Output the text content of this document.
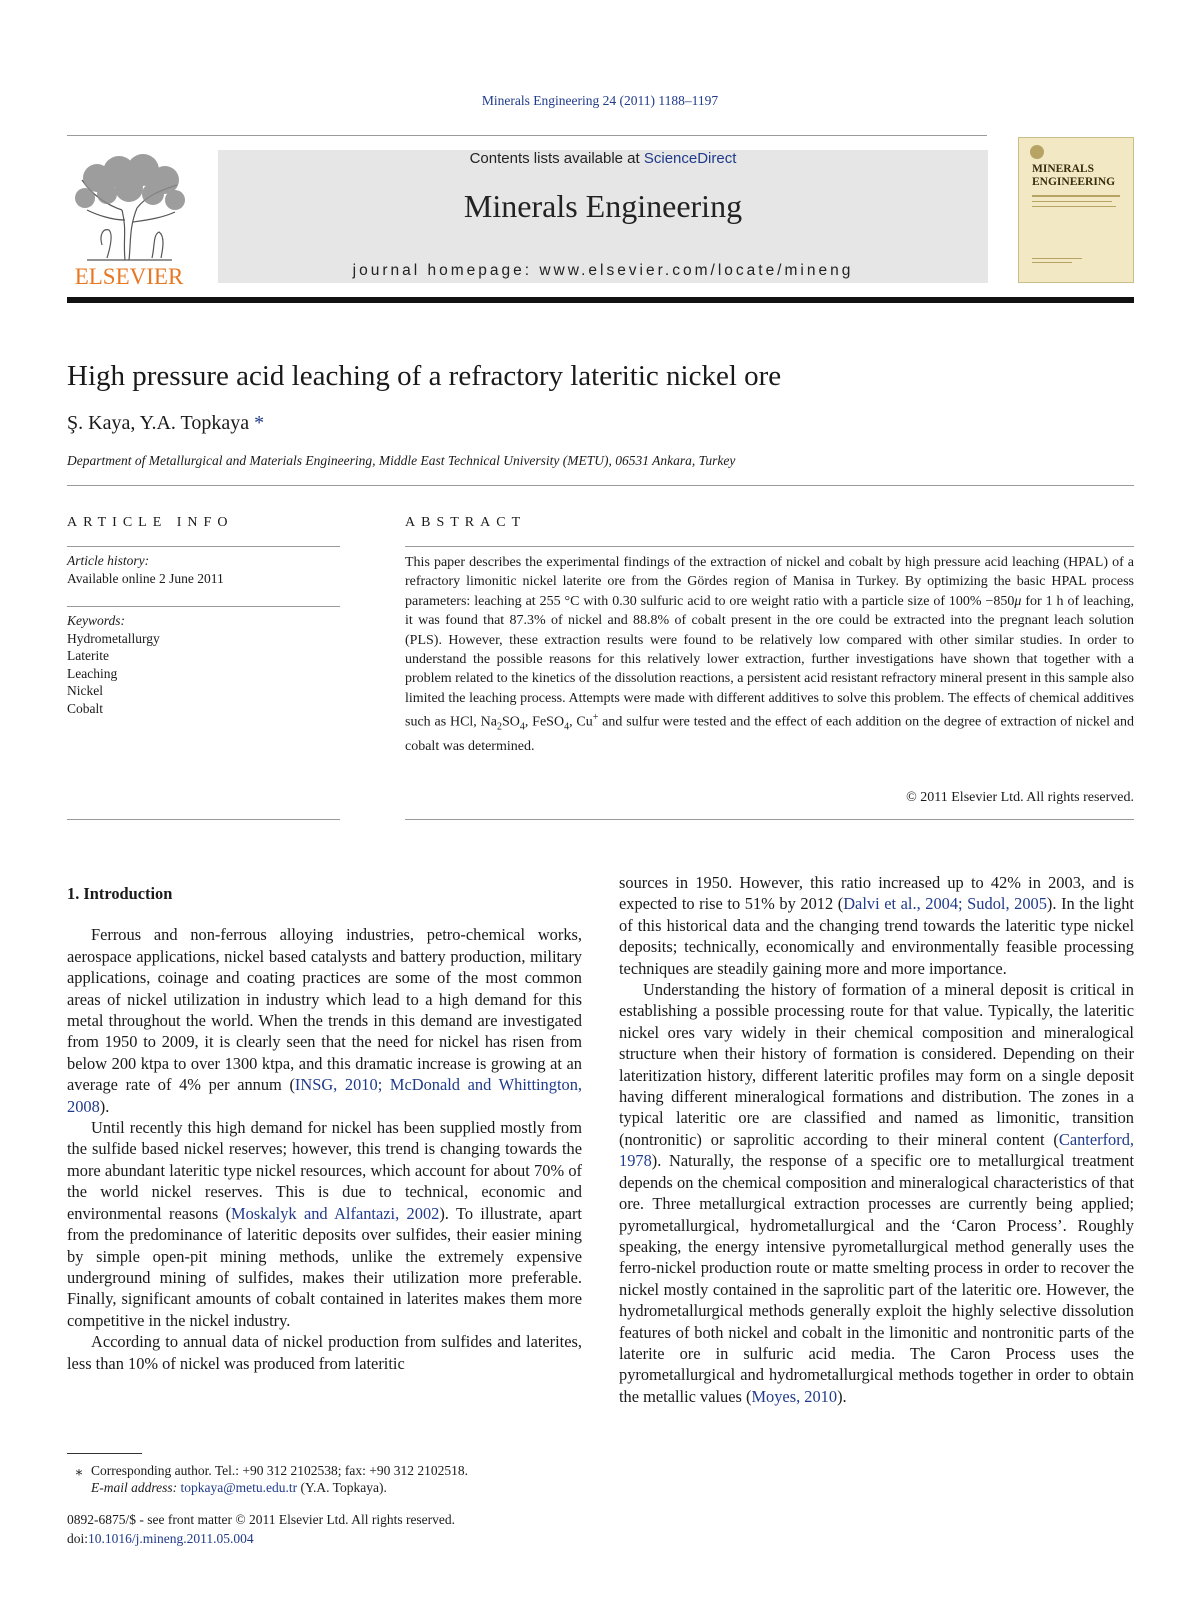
Minerals Engineering 24 (2011) 1188–1197
ELSEVIER
Contents lists available at ScienceDirect
Minerals Engineering
journal homepage: www.elsevier.com/locate/mineng
MINERALS
ENGINEERING
High pressure acid leaching of a refractory lateritic nickel ore
Ş. Kaya, Y.A. Topkaya *
Department of Metallurgical and Materials Engineering, Middle East Technical University (METU), 06531 Ankara, Turkey
ARTICLE INFO
Article history:
Available online 2 June 2011
Keywords:
Hydrometallurgy
Laterite
Leaching
Nickel
Cobalt
ABSTRACT
This paper describes the experimental findings of the extraction of nickel and cobalt by high pressure acid leaching (HPAL) of a refractory limonitic nickel laterite ore from the Gördes region of Manisa in Turkey. By optimizing the basic HPAL process parameters: leaching at 255 °C with 0.30 sulfuric acid to ore weight ratio with a particle size of 100% −850μ for 1 h of leaching, it was found that 87.3% of nickel and 88.8% of cobalt present in the ore could be extracted into the pregnant leach solution (PLS). However, these extraction results were found to be relatively low compared with other similar studies. In order to understand the possible reasons for this relatively lower extraction, further investigations have shown that together with a problem related to the kinetics of the dissolution reactions, a persistent acid resistant refractory mineral present in this sample also limited the leaching process. Attempts were made with different additives to solve this problem. The effects of chemical additives such as HCl, $Na_2SO_4$, FeSO$_4$, Cu+ and sulfur were tested and the effect of each addition on the degree of extraction of nickel and cobalt was determined.
© 2011 Elsevier Ltd. All rights reserved.
1. Introduction

Ferrous and non-ferrous alloying industries, petro-chemical works, aerospace applications, nickel based catalysts and battery production, military applications, coinage and coating practices are some of the most common areas of nickel utilization in industry which lead to a high demand for this metal throughout the world. When the trends in this demand are investigated from 1950 to 2009, it is clearly seen that the need for nickel has risen from below 200 ktpa to over 1300 ktpa, and this dramatic increase is growing at an average rate of 4% per annum (INSG, 2010; McDonald and Whittington, 2008).

Until recently this high demand for nickel has been supplied mostly from the sulfide based nickel reserves; however, this trend is changing towards the more abundant lateritic type nickel resources, which account for about 70% of the world nickel reserves. This is due to technical, economic and environmental reasons (Moskalyk and Alfantazi, 2002). To illustrate, apart from the predominance of lateritic deposits over sulfides, their easier mining by simple open-pit mining methods, unlike the extremely expensive underground mining of sulfides, makes their utilization more preferable. Finally, significant amounts of cobalt contained in laterites makes them more competitive in the nickel industry.

According to annual data of nickel production from sulfides and laterites, less than 10% of nickel was produced from lateritic

sources in 1950. However, this ratio increased up to 42% in 2003, and is expected to rise to 51% by 2012 (Dalvi et al., 2004; Sudol, 2005). In the light of this historical data and the changing trend towards the lateritic type nickel deposits; technically, economically and environmentally feasible processing techniques are steadily gaining more and more importance.

Understanding the history of formation of a mineral deposit is critical in establishing a possible processing route for that value. Typically, the lateritic nickel ores vary widely in their chemical composition and mineralogical structure when their history of formation is considered. Depending on their lateritization history, different lateritic profiles may form on a single deposit having different mineralogical formations and distribution. The zones in a typical lateritic ore are classified and named as limonitic, transition (nontronitic) or saprolitic according to their mineral content (Canterford, 1978). Naturally, the response of a specific ore to metallurgical treatment depends on the chemical composition and mineralogical characteristics of that ore. Three metallurgical extraction processes are currently being applied; pyrometallurgical, hydrometallurgical and the ‘Caron Process’. Roughly speaking, the energy intensive pyrometallurgical method generally uses the ferro-nickel production route or matte smelting process in order to recover the nickel mostly contained in the saprolitic part of the lateritic ore. However, the hydrometallurgical methods generally exploit the highly selective dissolution features of both nickel and cobalt in the limonitic and nontronitic parts of the laterite ore in sulfuric acid media. The Caron Process uses the pyrometallurgical and hydrometallurgical methods together in order to obtain the metallic values (Moyes, 2010).

⁎ Corresponding author. Tel.: +90 312 2102538; fax: +90 312 2102518.
E-mail address: topkaya@metu.edu.tr (Y.A. Topkaya).
0892-6875/$ - see front matter © 2011 Elsevier Ltd. All rights reserved.
doi:10.1016/j.mineng.2011.05.004
